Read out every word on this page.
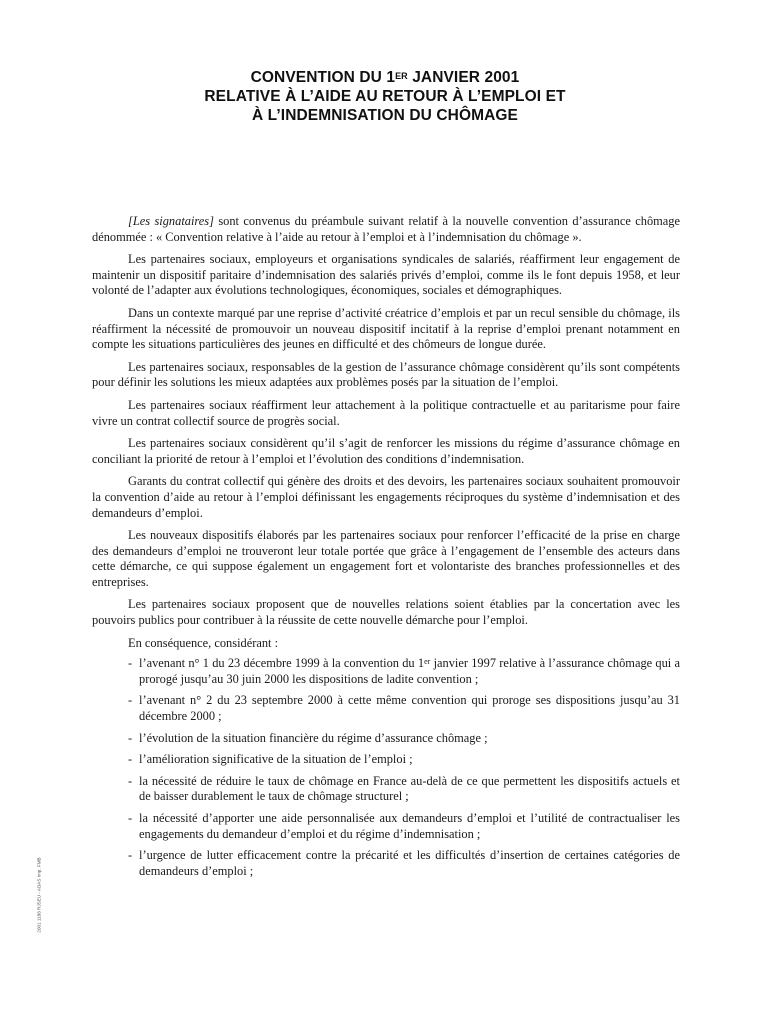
CONVENTION DU 1ER JANVIER 2001
RELATIVE À L’AIDE AU RETOUR À L’EMPLOI ET
À L’INDEMNISATION DU CHÔMAGE

[Les signataires] sont convenus du préambule suivant relatif à la nouvelle convention d’assurance chômage dénommée : « Convention relative à l’aide au retour à l’emploi et à l’indemnisation du chômage ».

Les partenaires sociaux, employeurs et organisations syndicales de salariés, réaffirment leur engagement de maintenir un dispositif paritaire d’indemnisation des salariés privés d’emploi, comme ils le font depuis 1958, et leur volonté de l’adapter aux évolutions technologiques, économiques, sociales et démographiques.

Dans un contexte marqué par une reprise d’activité créatrice d’emplois et par un recul sensible du chômage, ils réaffirment la nécessité de promouvoir un nouveau dispositif incitatif à la reprise d’emploi prenant notamment en compte les situations particulières des jeunes en difficulté et des chômeurs de longue durée.

Les partenaires sociaux, responsables de la gestion de l’assurance chômage considèrent qu’ils sont compétents pour définir les solutions les mieux adaptées aux problèmes posés par la situation de l’emploi.

Les partenaires sociaux réaffirment leur attachement à la politique contractuelle et au paritarisme pour faire vivre un contrat collectif source de progrès social.

Les partenaires sociaux considèrent qu’il s’agit de renforcer les missions du régime d’assurance chômage en conciliant la priorité de retour à l’emploi et l’évolution des conditions d’indemnisation.

Garants du contrat collectif qui génère des droits et des devoirs, les partenaires sociaux souhaitent promouvoir la convention d’aide au retour à l’emploi définissant les engagements réciproques du système d’indemnisation et des demandeurs d’emploi.

Les nouveaux dispositifs élaborés par les partenaires sociaux pour renforcer l’efficacité de la prise en charge des demandeurs d’emploi ne trouveront leur totale portée que grâce à l’engagement de l’ensemble des acteurs dans cette démarche, ce qui suppose également un engagement fort et volontariste des branches professionnelles et des entreprises.

Les partenaires sociaux proposent que de nouvelles relations soient établies par la concertation avec les pouvoirs publics pour contribuer à la réussite de cette nouvelle démarche pour l’emploi.

En conséquence, considérant :

- l’avenant n° 1 du 23 décembre 1999 à la convention du 1er janvier 1997 relative à l’assurance chômage qui a prorogé jusqu’au 30 juin 2000 les dispositions de ladite convention ;
- l’avenant n° 2 du 23 septembre 2000 à cette même convention qui proroge ses dispositions jusqu’au 31 décembre 2000 ;
- l’évolution de la situation financière du régime d’assurance chômage ;
- l’amélioration significative de la situation de l’emploi ;
- la nécessité de réduire le taux de chômage en France au-delà de ce que permettent les dispositifs actuels et de baisser durablement le taux de chômage structurel ;
- la nécessité d’apporter une aide personnalisée aux demandeurs d’emploi et l’utilité de contractualiser les engagements du demandeur d’emploi et du régime d’indemnisation ;
- l’urgence de lutter efficacement contre la précarité et les difficultés d’insertion de certaines catégories de demandeurs d’emploi ;
2001 1188 RJSEU - ADAS Imp. FMB
